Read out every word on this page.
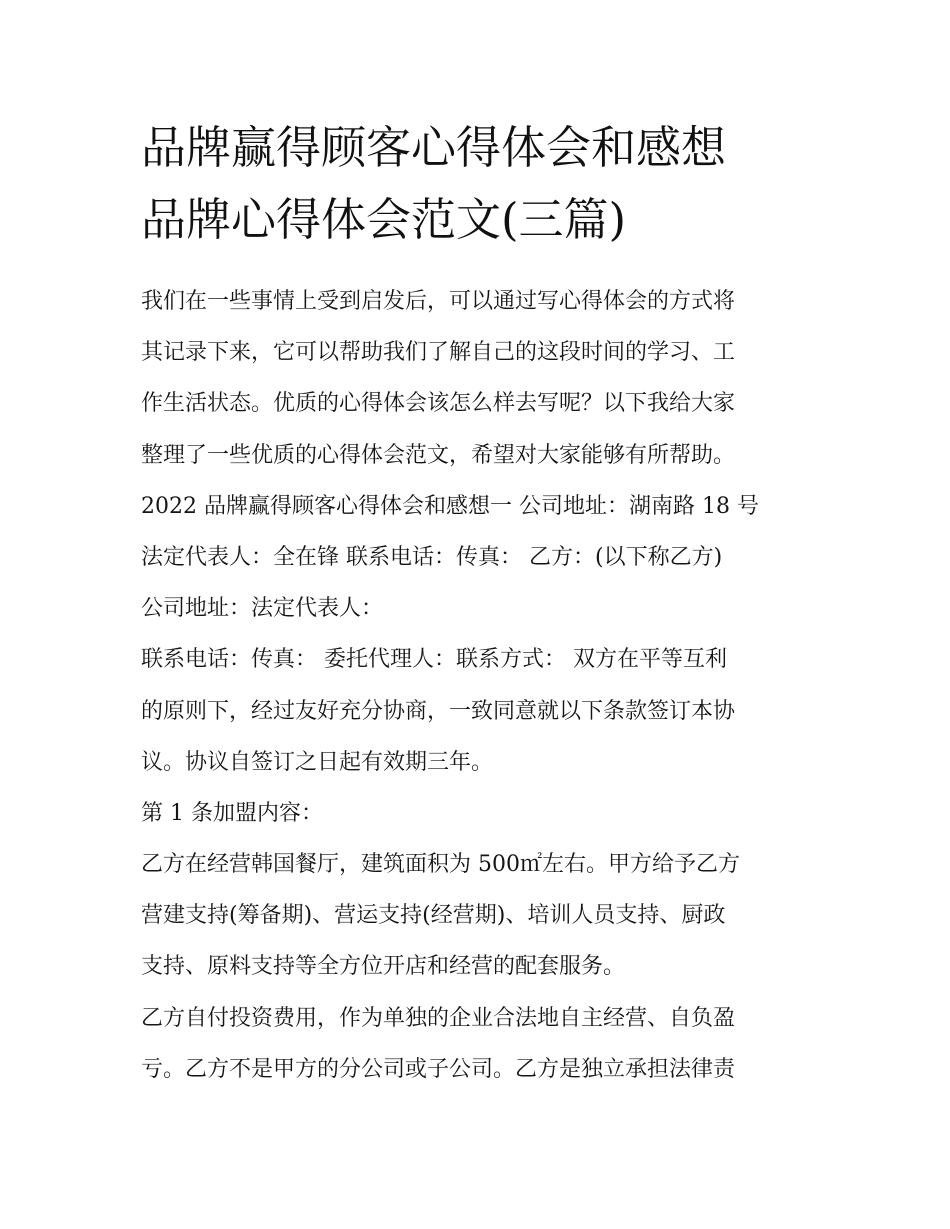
品牌赢得顾客心得体会和感想
品牌心得体会范文(三篇)
我们在一些事情上受到启发后，可以通过写心得体会的方式将
其记录下来，它可以帮助我们了解自己的这段时间的学习、工
作生活状态。优质的心得体会该怎么样去写呢？以下我给大家
整理了一些优质的心得体会范文，希望对大家能够有所帮助。
2022 品牌赢得顾客心得体会和感想一 公司地址：湖南路 18 号
法定代表人：全在锋 联系电话：传真： 乙方：(以下称乙方)
公司地址：法定代表人：
联系电话：传真： 委托代理人：联系方式： 双方在平等互利
的原则下，经过友好充分协商，一致同意就以下条款签订本协
议。协议自签订之日起有效期三年。
第 1 条加盟内容：
乙方在经营韩国餐厅，建筑面积为 500㎡左右。甲方给予乙方
营建支持(筹备期)、营运支持(经营期)、培训人员支持、厨政
支持、原料支持等全方位开店和经营的配套服务。
乙方自付投资费用，作为单独的企业合法地自主经营、自负盈
亏。乙方不是甲方的分公司或子公司。乙方是独立承担法律责
